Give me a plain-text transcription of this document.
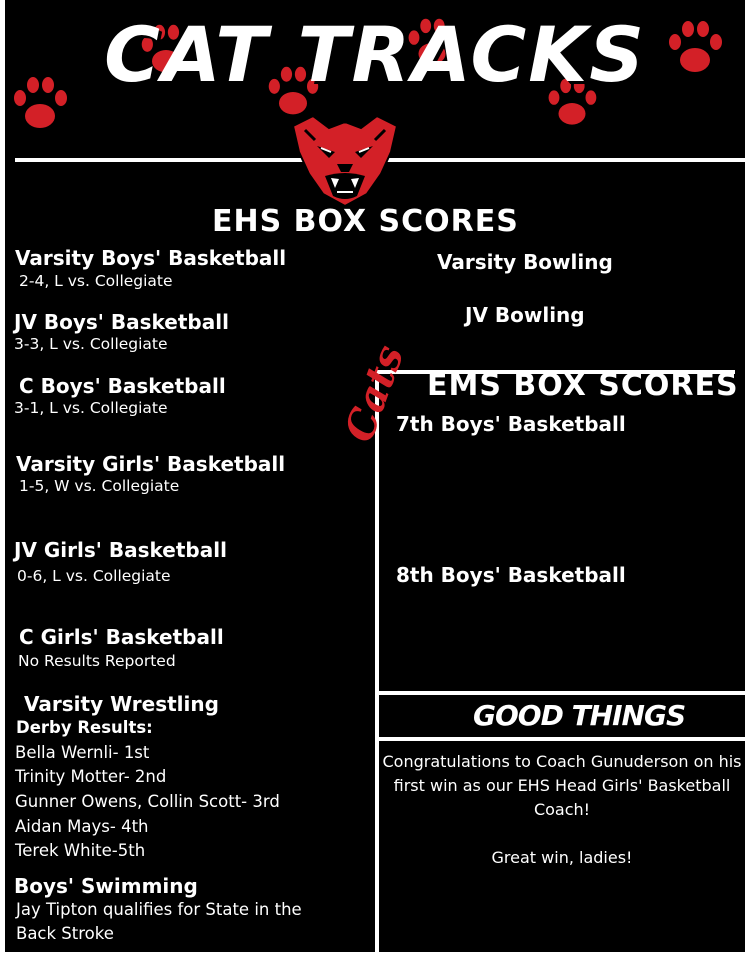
CAT TRACKS
EHS BOX SCORES
Varsity Boys' Basketball
2-4, L vs. Collegiate
JV Boys' Basketball
3-3, L vs. Collegiate
C Boys' Basketball
3-1, L vs. Collegiate
Varsity Girls' Basketball
1-5, W vs. Collegiate
JV Girls' Basketball
0-6, L vs. Collegiate
C Girls' Basketball
No Results Reported
Varsity Wrestling
Derby Results:
Bella Wernli- 1st
Trinity Motter- 2nd
Gunner Owens, Collin Scott- 3rd
Aidan Mays- 4th
Terek White-5th
Boys' Swimming
Jay Tipton qualifies for State in the
Back Stroke
Varsity Bowling
JV Bowling
Cats EMS BOX SCORES
7th Boys' Basketball
8th Boys' Basketball
GOOD THINGS
Congratulations to Coach Gunuderson on his
first win as our EHS Head Girls' Basketball
Coach!
Great win, ladies!
